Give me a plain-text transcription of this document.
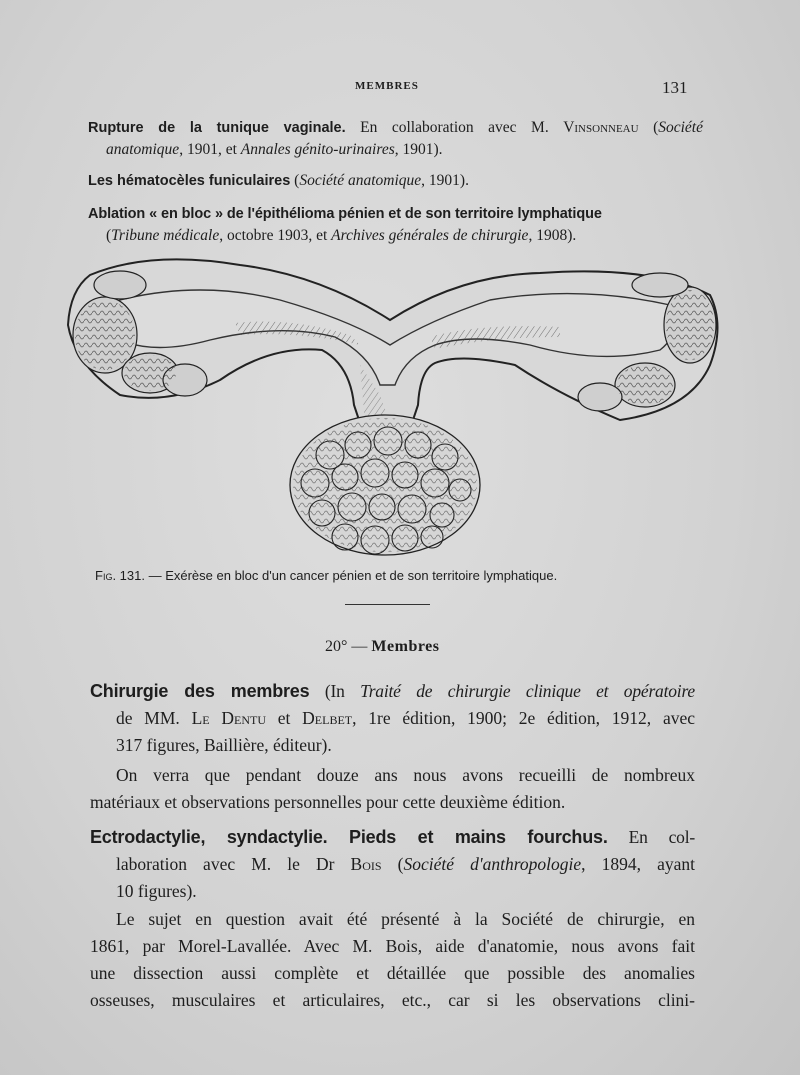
MEMBRES	131
Rupture de la tunique vaginale. En collaboration avec M. Vinsonneau (Société
anatomique, 1901, et Annales génito-urinaires, 1901).
Les hématocèles funiculaires (Société anatomique, 1901).
Ablation « en bloc » de l'épithélioma pénien et de son territoire lymphatique
(Tribune médicale, octobre 1903, et Archives générales de chirurgie, 1908).
Fig. 131. — Exérèse en bloc d'un cancer pénien et de son territoire lymphatique.
20° — Membres
Chirurgie des membres (In Traité de chirurgie clinique et opératoire
de MM. Le Dentu et Delbet, 1re édition, 1900; 2e édition, 1912, avec
317 figures, Baillière, éditeur).
On verra que pendant douze ans nous avons recueilli de nombreux
matériaux et observations personnelles pour cette deuxième édition.
Ectrodactylie, syndactylie. Pieds et mains fourchus. En col-
laboration avec M. le Dr Bois (Société d'anthropologie, 1894, ayant
10 figures).
Le sujet en question avait été présenté à la Société de chirurgie, en
1861, par Morel-Lavallée. Avec M. Bois, aide d'anatomie, nous avons fait
une dissection aussi complète et détaillée que possible des anomalies
osseuses, musculaires et articulaires, etc., car si les observations clini-
